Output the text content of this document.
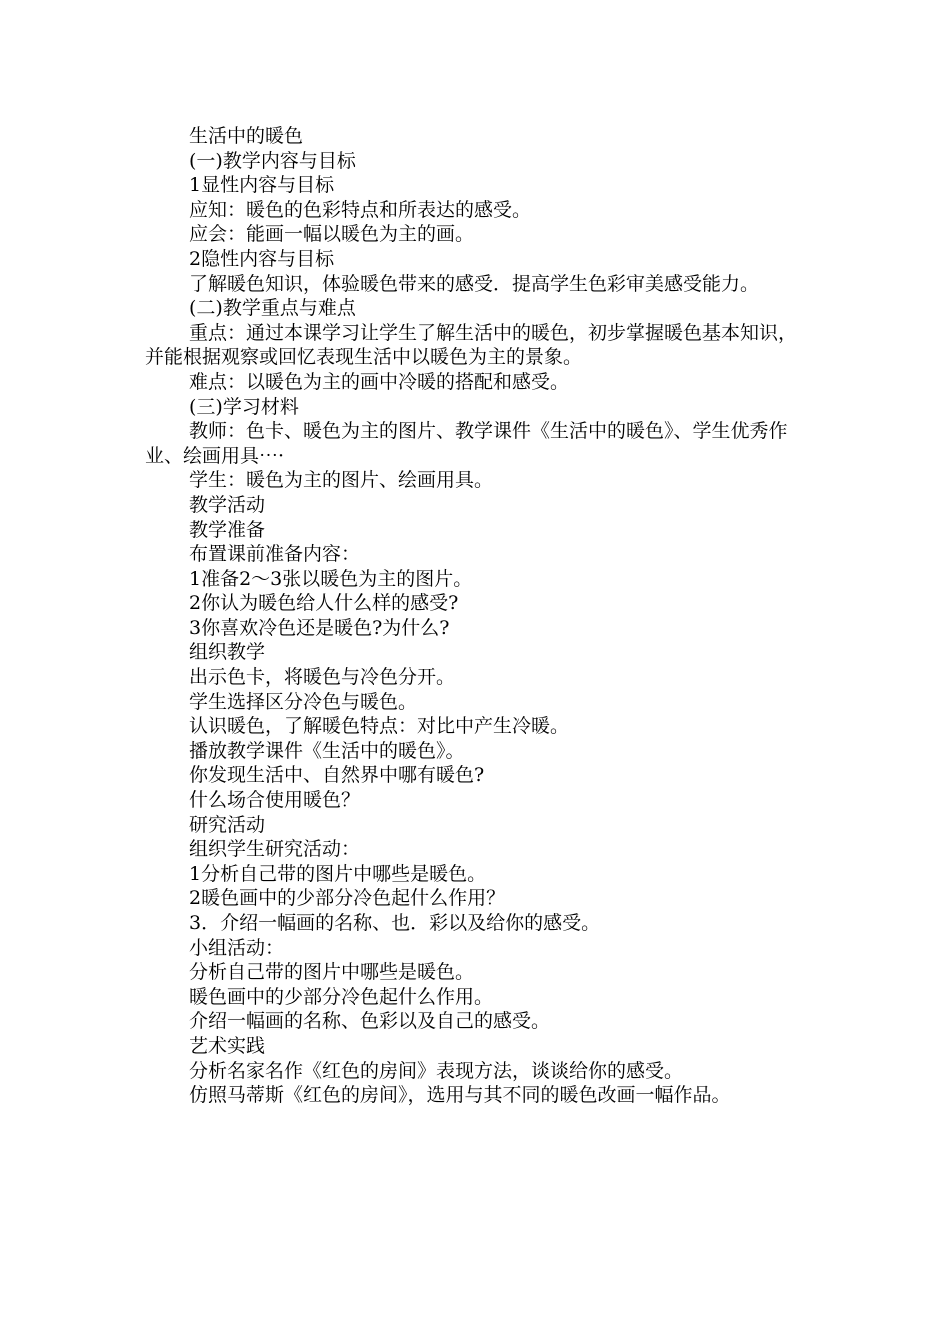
生活中的暖色

(一)教学内容与目标

1显性内容与目标

应知：暖色的色彩特点和所表达的感受。

应会：能画一幅以暖色为主的画。

2隐性内容与目标

了解暖色知识，体验暖色带来的感受．提高学生色彩审美感受能力。

(二)教学重点与难点

重点：通过本课学习让学生了解生活中的暖色，初步掌握暖色基本知识，并能根据观察或回忆表现生活中以暖色为主的景象。

难点：以暖色为主的画中冷暖的搭配和感受。

(三)学习材料

教师：色卡、暖色为主的图片、教学课件《生活中的暖色》、学生优秀作业、绘画用具⋯·

学生：暖色为主的图片、绘画用具。

教学活动

教学准备

布置课前准备内容：

1准备2～3张以暖色为主的图片。

2你认为暖色给人什么样的感受?

3你喜欢冷色还是暖色?为什么?

组织教学

出示色卡，将暖色与冷色分开。

学生选择区分冷色与暖色。

认识暖色，了解暖色特点：对比中产生冷暖。

播放教学课件《生活中的暖色》。

你发现生活中、自然界中哪有暖色?

什么场合使用暖色？

研究活动

组织学生研究活动：

1分析自己带的图片中哪些是暖色。

2暖色画中的少部分冷色起什么作用？

3．介绍一幅画的名称、也．彩以及给你的感受。

小组活动：

分析自己带的图片中哪些是暖色。

暖色画中的少部分冷色起什么作用。

介绍一幅画的名称、色彩以及自己的感受。

艺术实践

分析名家名作《红色的房间》表现方法，谈谈给你的感受。

仿照马蒂斯《红色的房间》，选用与其不同的暖色改画一幅作品。
